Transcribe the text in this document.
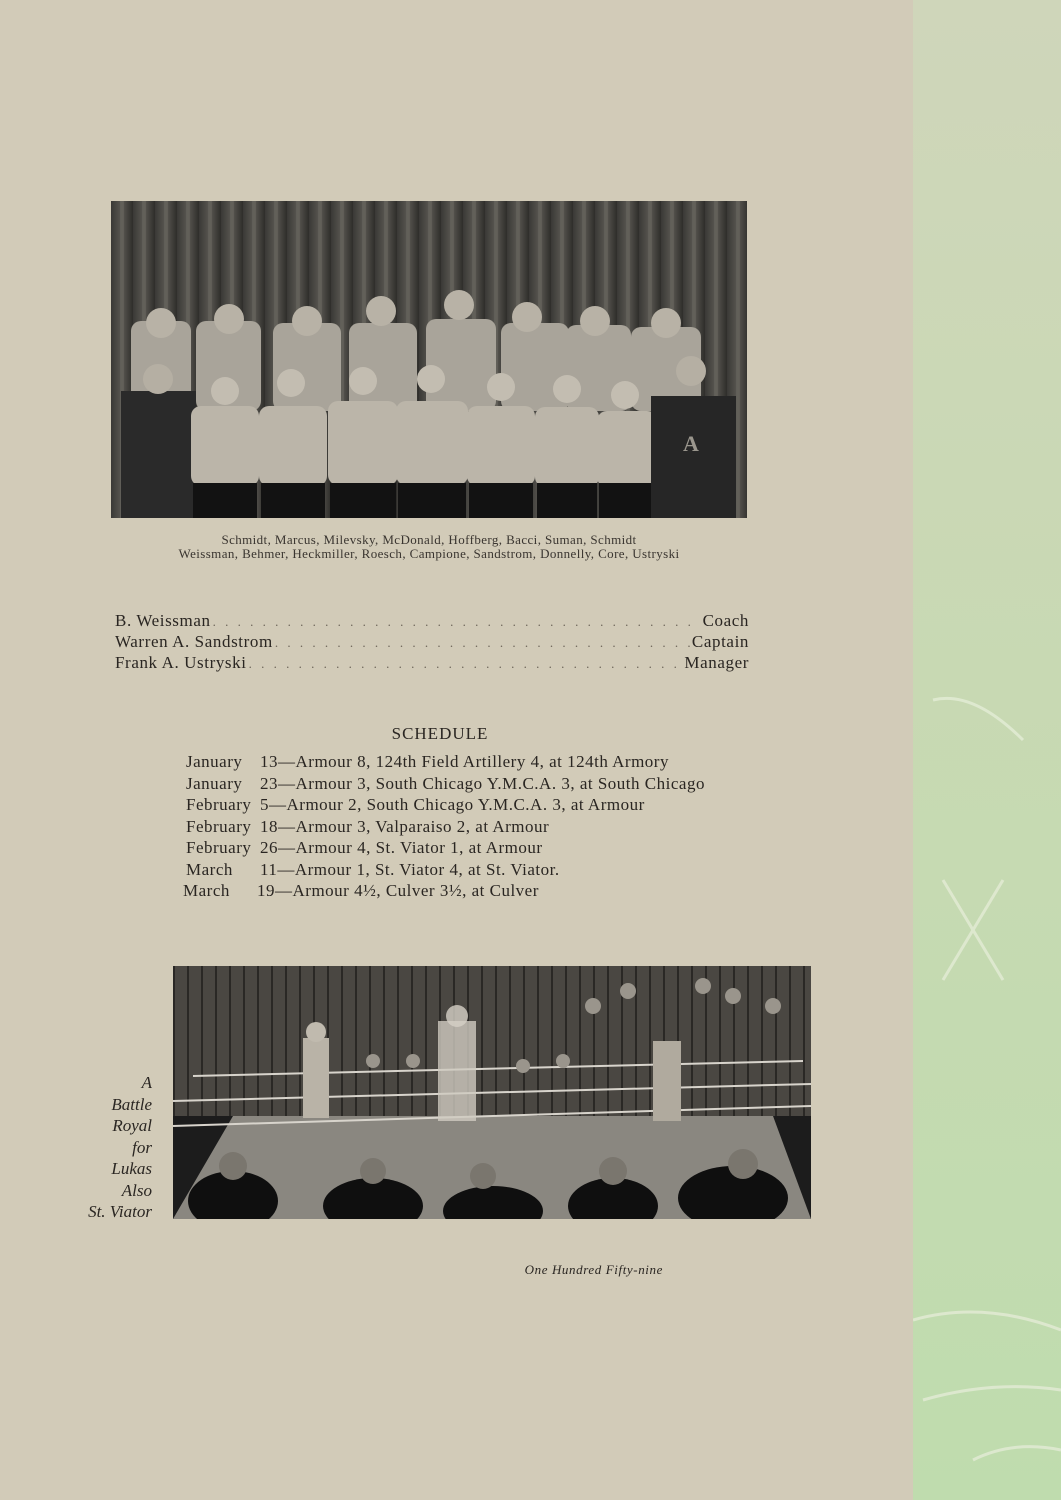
A
Schmidt, Marcus, Milevsky, McDonald, Hoffberg, Bacci, Suman, Schmidt
Weissman, Behmer, Heckmiller, Roesch, Campione, Sandstrom, Donnelly, Core, Ustryski
B. Weissman . . .	Coach
Warren A. Sandstrom . . .	Captain
Frank A. Ustryski . . .	Manager
SCHEDULE
January 13—Armour 8, 124th Field Artillery 4, at 124th Armory
January 23—Armour 3, South Chicago Y.M.C.A. 3, at South Chicago
February 5—Armour 2, South Chicago Y.M.C.A. 3, at Armour
February 18—Armour 3, Valparaiso 2, at Armour
February 26—Armour 4, St. Viator 1, at Armour
March 11—Armour 1, St. Viator 4, at St. Viator.
March 19—Armour 4½, Culver 3½, at Culver
A
Battle
Royal
for
Lukas
Also
St. Viator
One Hundred Fifty-nine
